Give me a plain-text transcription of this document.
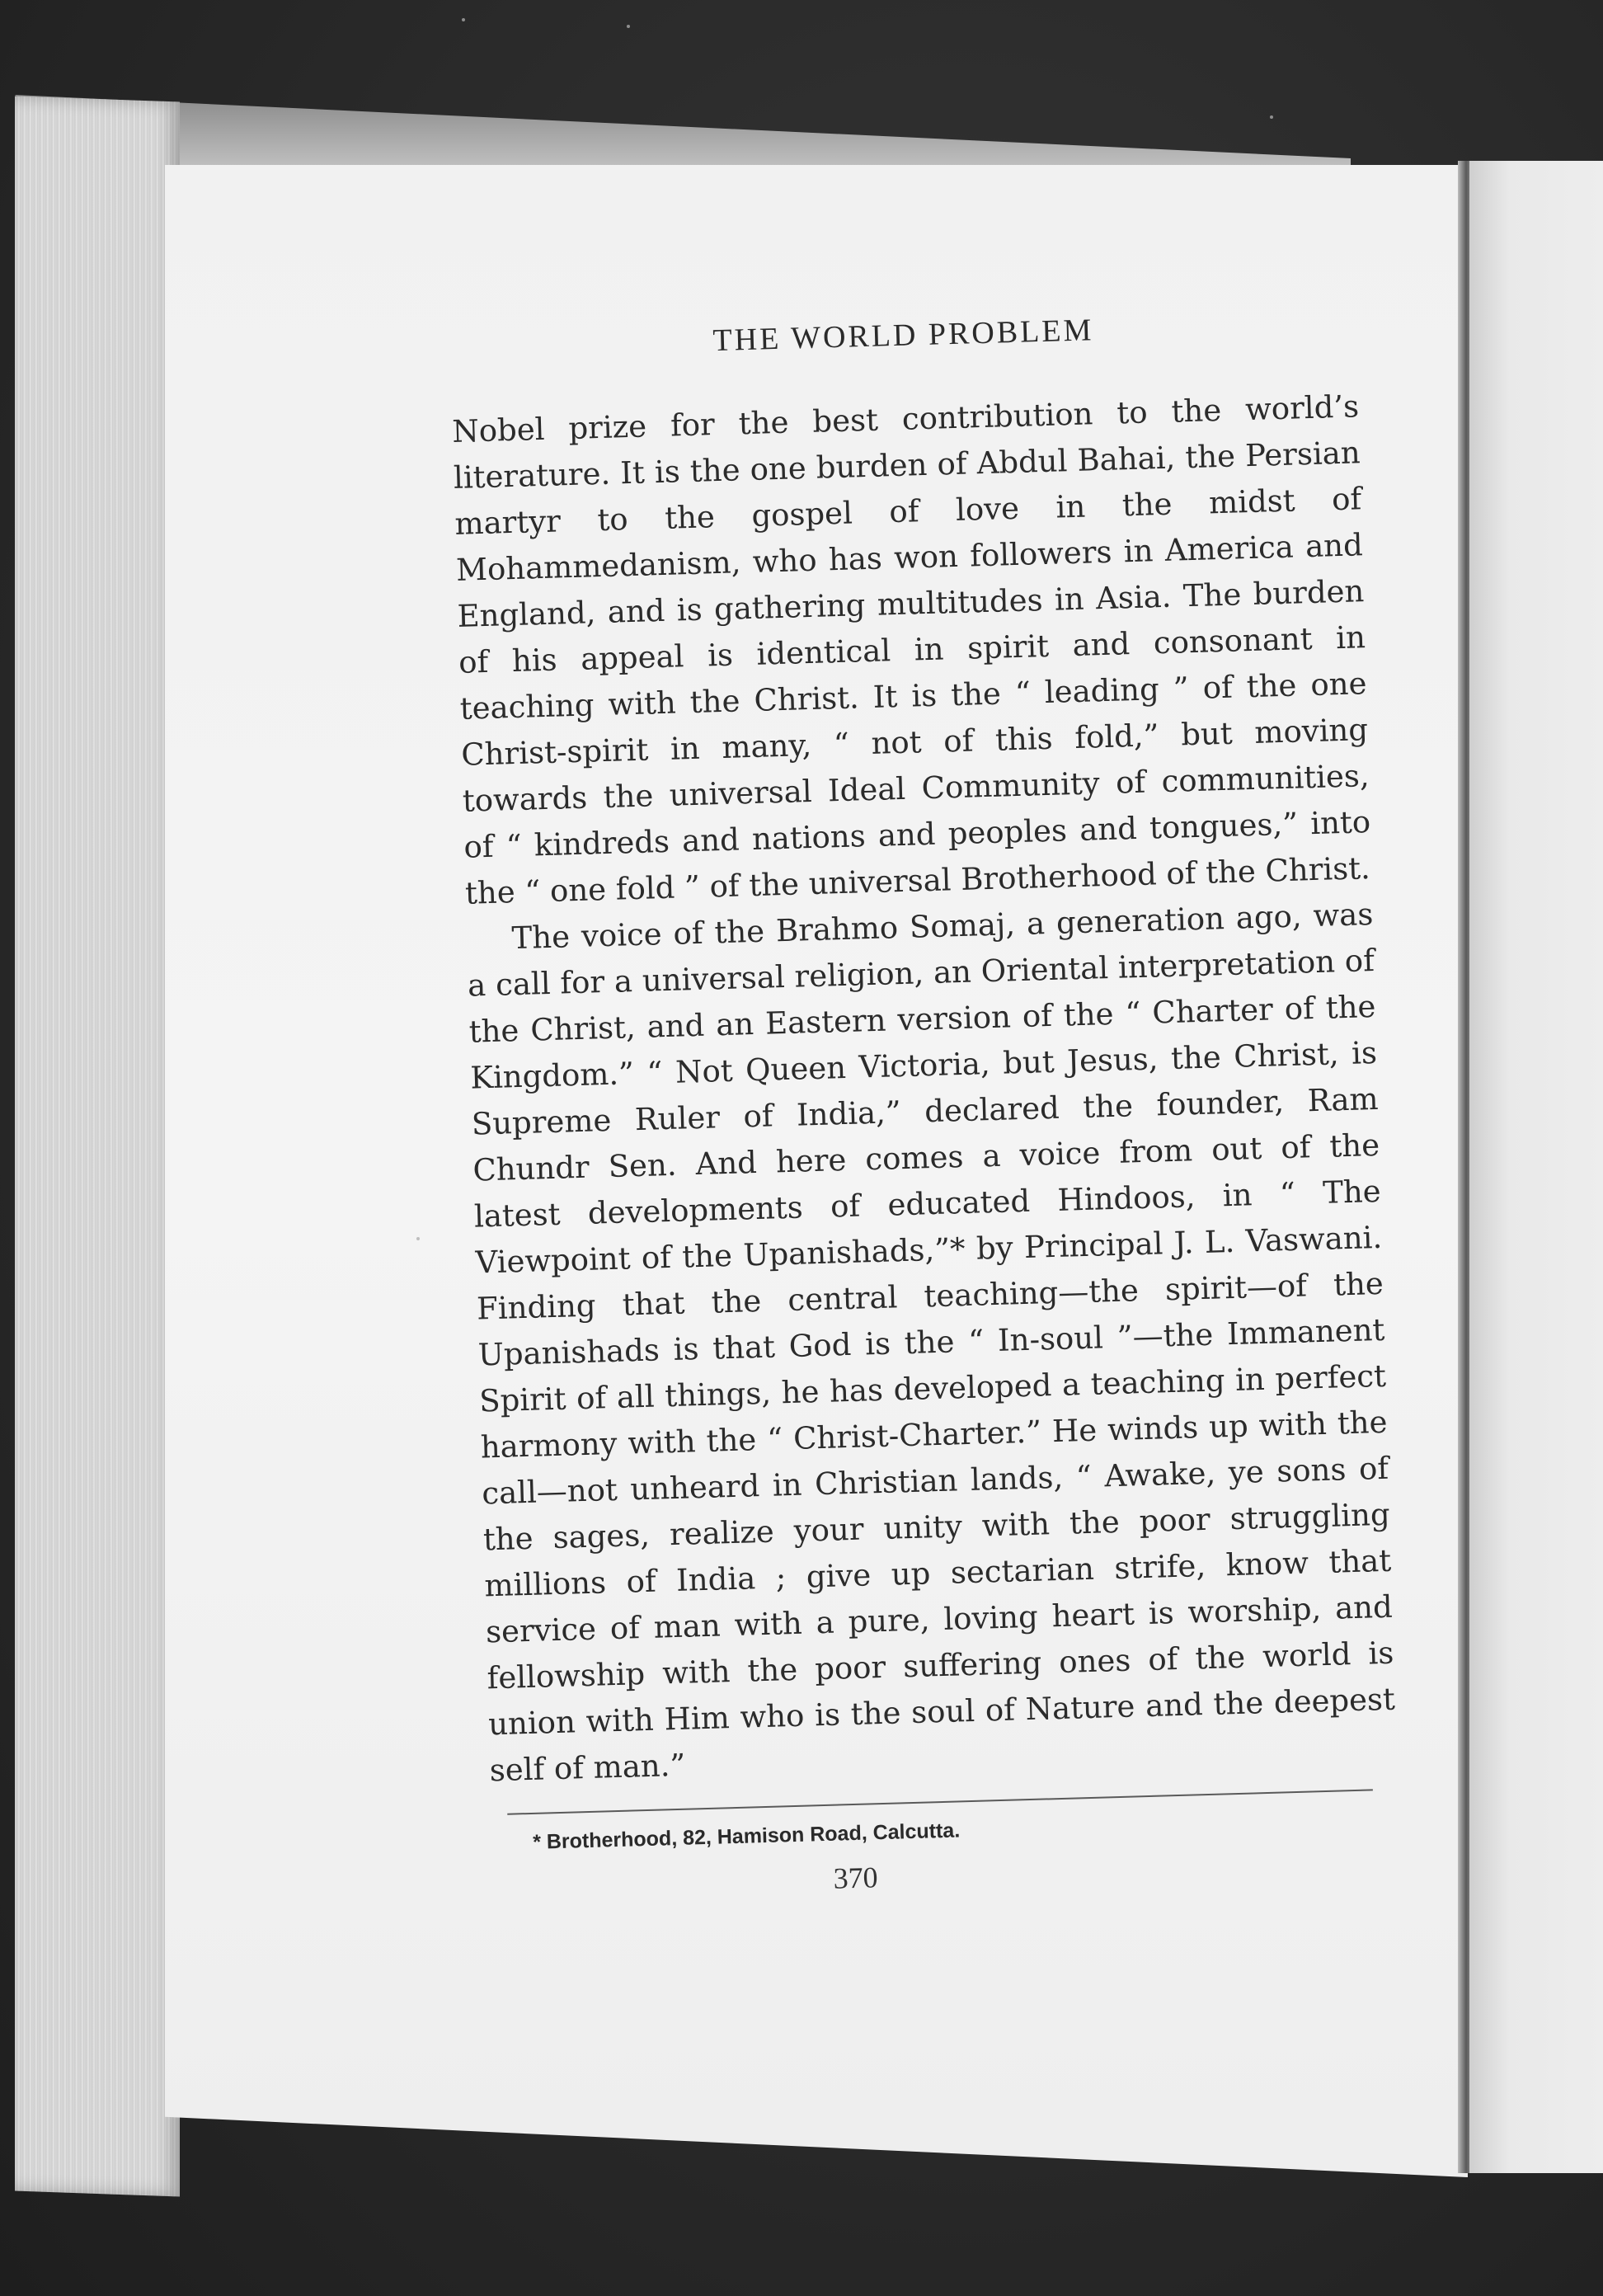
THE WORLD PROBLEM

Nobel prize for the best contribution to the world’s literature. It is the one burden of Abdul Bahai, the Persian martyr to the gospel of love in the midst of Mohammedanism, who has won followers in America and England, and is gathering multitudes in Asia. The burden of his appeal is identical in spirit and consonant in teaching with the Christ. It is the “ leading ” of the one Christ-spirit in many, “ not of this fold,” but moving towards the universal Ideal Community of communities, of “ kindreds and nations and peoples and tongues,” into the “ one fold ” of the universal Brotherhood of the Christ.

The voice of the Brahmo Somaj, a generation ago, was a call for a universal religion, an Oriental interpretation of the Christ, and an Eastern version of the “ Charter of the Kingdom.” “ Not Queen Victoria, but Jesus, the Christ, is Supreme Ruler of India,” declared the founder, Ram Chundr Sen. And here comes a voice from out of the latest developments of educated Hindoos, in “ The Viewpoint of the Upanishads,”* by Principal J. L. Vaswani. Finding that the central teaching—the spirit—of the Upanishads is that God is the “ In-soul ”—the Immanent Spirit of all things, he has developed a teaching in perfect harmony with the “ Christ-Charter.” He winds up with the call—not unheard in Christian lands, “ Awake, ye sons of the sages, realize your unity with the poor struggling millions of India ; give up sectarian strife, know that service of man with a pure, loving heart is worship, and fellowship with the poor suffering ones of the world is union with Him who is the soul of Nature and the deepest self of man.”

* Brotherhood, 82, Hamison Road, Calcutta.
370
